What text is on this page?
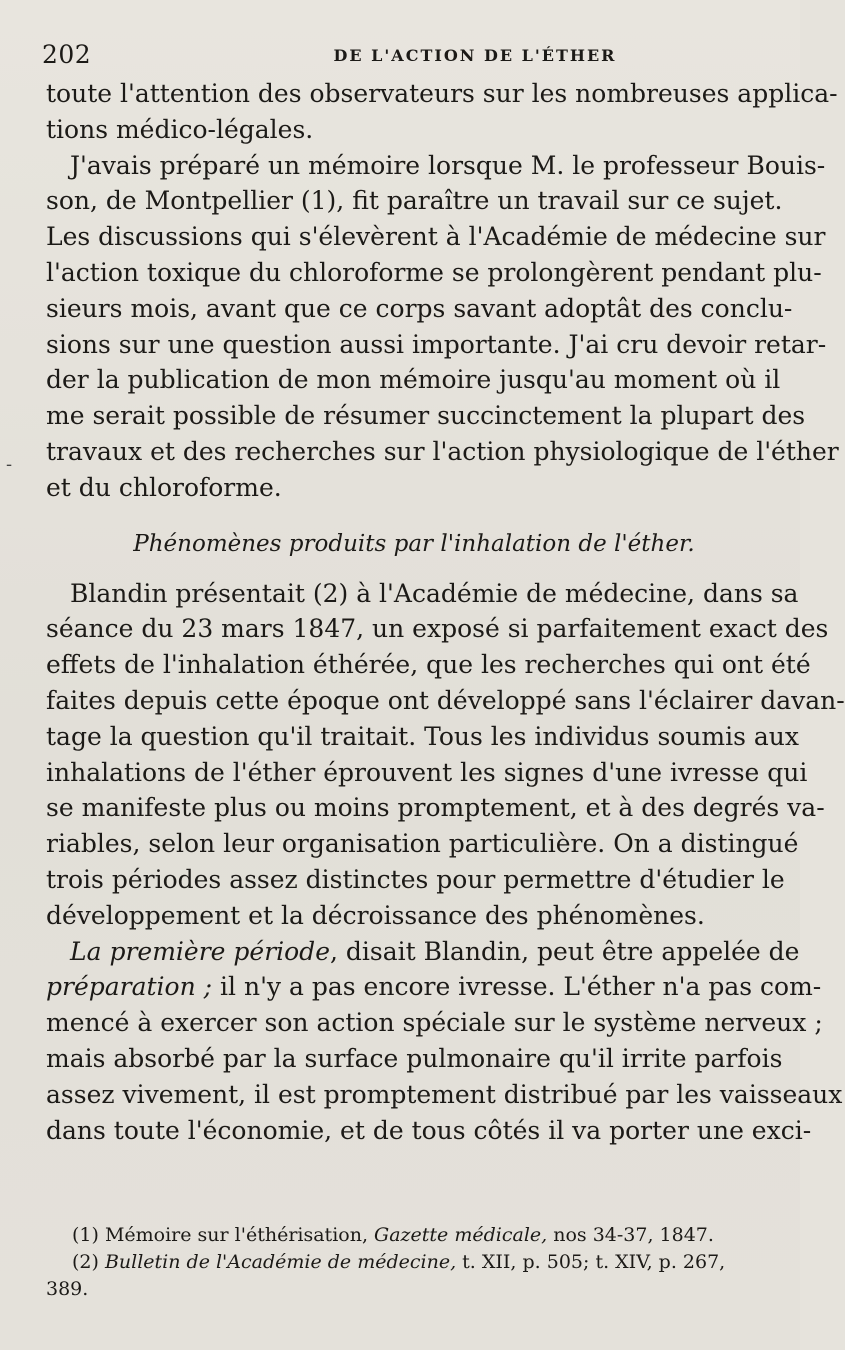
202	DE L'ACTION DE L'ÉTHER
-
toute l'attention des observateurs sur les nombreuses applica-
tions médico-légales.
J'avais préparé un mémoire lorsque M. le professeur Bouis-
son, de Montpellier (1), fit paraître un travail sur ce sujet.
Les discussions qui s'élevèrent à l'Académie de médecine sur
l'action toxique du chloroforme se prolongèrent pendant plu-
sieurs mois, avant que ce corps savant adoptât des conclu-
sions sur une question aussi importante. J'ai cru devoir retar-
der la publication de mon mémoire jusqu'au moment où il
me serait possible de résumer succinctement la plupart des
travaux et des recherches sur l'action physiologique de l'éther
et du chloroforme.
Phénomènes produits par l'inhalation de l'éther.
Blandin présentait (2) à l'Académie de médecine, dans sa
séance du 23 mars 1847, un exposé si parfaitement exact des
effets de l'inhalation éthérée, que les recherches qui ont été
faites depuis cette époque ont développé sans l'éclairer davan-
tage la question qu'il traitait. Tous les individus soumis aux
inhalations de l'éther éprouvent les signes d'une ivresse qui
se manifeste plus ou moins promptement, et à des degrés va-
riables, selon leur organisation particulière. On a distingué
trois périodes assez distinctes pour permettre d'étudier le
développement et la décroissance des phénomènes.
La première période, disait Blandin, peut être appelée de
préparation ; il n'y a pas encore ivresse. L'éther n'a pas com-
mencé à exercer son action spéciale sur le système nerveux ;
mais absorbé par la surface pulmonaire qu'il irrite parfois
assez vivement, il est promptement distribué par les vaisseaux
dans toute l'économie, et de tous côtés il va porter une exci-
(1) Mémoire sur l'éthérisation, Gazette médicale, nos 34-37, 1847.
(2) Bulletin de l'Académie de médecine, t. XII, p. 505; t. XIV, p. 267,
389.
